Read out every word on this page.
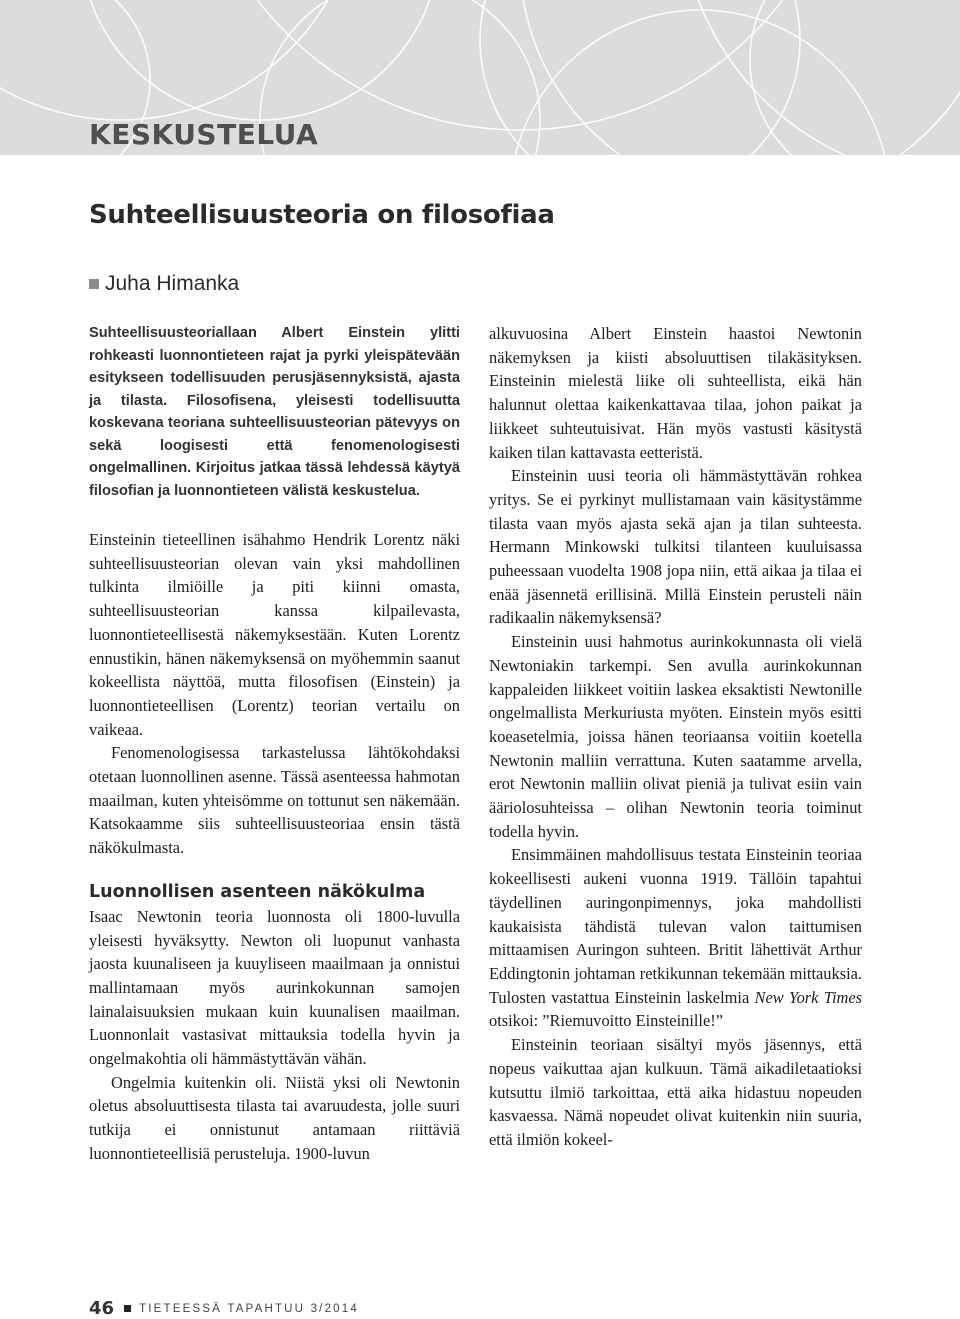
KESKUSTELUA
Suhteellisuusteoria on filosofiaa
Juha Himanka

Suhteellisuusteoriallaan Albert Einstein ylitti rohkeasti luonnontieteen rajat ja pyrki yleispätevään esitykseen todellisuuden perusjäsennyksistä, ajasta ja tilasta. Filosofisena, yleisesti todellisuutta koskevana teoriana suhteellisuusteorian pätevyys on sekä loogisesti että fenomenologisesti ongelmallinen. Kirjoitus jatkaa tässä lehdessä käytyä filosofian ja luonnontieteen välistä keskustelua.

Einsteinin tieteellinen isähahmo Hendrik Lorentz näki suhteellisuusteorian olevan vain yksi mahdollinen tulkinta ilmiöille ja piti kiinni omasta, suhteellisuusteorian kanssa kilpailevasta, luonnontieteellisestä näkemyksestään. Kuten Lorentz ennustikin, hänen näkemyksensä on myöhemmin saanut kokeellista näyttöä, mutta filosofisen (Einstein) ja luonnontieteellisen (Lorentz) teorian vertailu on vaikeaa.

Fenomenologisessa tarkastelussa lähtökohdaksi otetaan luonnollinen asenne. Tässä asenteessa hahmotan maailman, kuten yhteisömme on tottunut sen näkemään. Katsokaamme siis suhteellisuusteoriaa ensin tästä näkökulmasta.

Luonnollisen asenteen näkökulma

Isaac Newtonin teoria luonnosta oli 1800-luvulla yleisesti hyväksytty. Newton oli luopunut vanhasta jaosta kuunaliseen ja kuuyliseen maailmaan ja onnistui mallintamaan myös aurinkokunnan samojen lainalaisuuksien mukaan kuin kuunalisen maailman. Luonnonlait vastasivat mittauksia todella hyvin ja ongelmakohtia oli hämmästyttävän vähän.

Ongelmia kuitenkin oli. Niistä yksi oli Newtonin oletus absoluuttisesta tilasta tai avaruudesta, jolle suuri tutkija ei onnistunut antamaan riittäviä luonnontieteellisiä perusteluja. 1900-luvun

alkuvuosina Albert Einstein haastoi Newtonin näkemyksen ja kiisti absoluuttisen tilakäsityksen. Einsteinin mielestä liike oli suhteellista, eikä hän halunnut olettaa kaikenkattavaa tilaa, johon paikat ja liikkeet suhteutuisivat. Hän myös vastusti käsitystä kaiken tilan kattavasta eetteristä.

Einsteinin uusi teoria oli hämmästyttävän rohkea yritys. Se ei pyrkinyt mullistamaan vain käsitystämme tilasta vaan myös ajasta sekä ajan ja tilan suhteesta. Hermann Minkowski tulkitsi tilanteen kuuluisassa puheessaan vuodelta 1908 jopa niin, että aikaa ja tilaa ei enää jäsennetä erillisinä. Millä Einstein perusteli näin radikaalin näkemyksensä?

Einsteinin uusi hahmotus aurinkokunnasta oli vielä Newtoniakin tarkempi. Sen avulla aurinkokunnan kappaleiden liikkeet voitiin laskea eksaktisti Newtonille ongelmallista Merkuriusta myöten. Einstein myös esitti koeasetelmia, joissa hänen teoriaansa voitiin koetella Newtonin malliin verrattuna. Kuten saatamme arvella, erot Newtonin malliin olivat pieniä ja tulivat esiin vain ääriolosuhteissa – olihan Newtonin teoria toiminut todella hyvin.

Ensimmäinen mahdollisuus testata Einsteinin teoriaa kokeellisesti aukeni vuonna 1919. Tällöin tapahtui täydellinen auringonpimennys, joka mahdollisti kaukaisista tähdistä tulevan valon taittumisen mittaamisen Auringon suhteen. Britit lähettivät Arthur Eddingtonin johtaman retkikunnan tekemään mittauksia. Tulosten vastattua Einsteinin laskelmia New York Times otsikoi: ”Riemuvoitto Einsteinille!”

Einsteinin teoriaan sisältyi myös jäsennys, että nopeus vaikuttaa ajan kulkuun. Tämä aikadiletaatioksi kutsuttu ilmiö tarkoittaa, että aika hidastuu nopeuden kasvaessa. Nämä nopeudet olivat kuitenkin niin suuria, että ilmiön kokeel-

46 TIETEESSÄ TAPAHTUU 3/2014
